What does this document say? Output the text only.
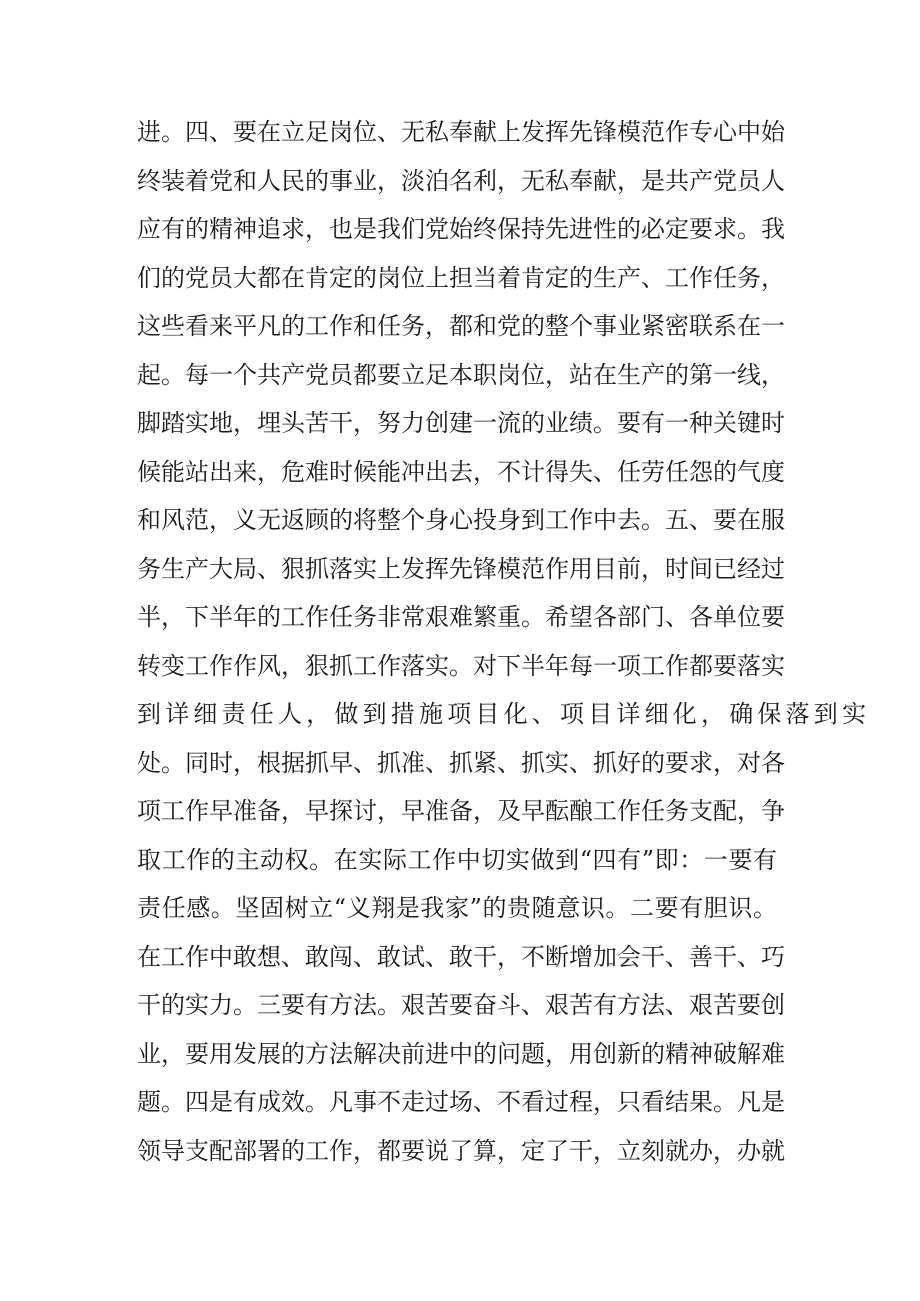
进。四、要在立足岗位、无私奉献上发挥先锋模范作专心中始
终装着党和人民的事业，淡泊名利，无私奉献，是共产党员人
应有的精神追求，也是我们党始终保持先进性的必定要求。我
们的党员大都在肯定的岗位上担当着肯定的生产、工作任务，
这些看来平凡的工作和任务，都和党的整个事业紧密联系在一
起。每一个共产党员都要立足本职岗位，站在生产的第一线，
脚踏实地，埋头苦干，努力创建一流的业绩。要有一种关键时
候能站出来，危难时候能冲出去，不计得失、任劳任怨的气度
和风范，义无返顾的将整个身心投身到工作中去。五、要在服
务生产大局、狠抓落实上发挥先锋模范作用目前，时间已经过
半，下半年的工作任务非常艰难繁重。希望各部门、各单位要
转变工作作风，狠抓工作落实。对下半年每一项工作都要落实
到详细责任人，做到措施项目化、项目详细化，确保落到实
处。同时，根据抓早、抓准、抓紧、抓实、抓好的要求，对各
项工作早准备，早探讨，早准备，及早酝酿工作任务支配，争
取工作的主动权。在实际工作中切实做到“四有”即：一要有
责任感。坚固树立“义翔是我家”的贵随意识。二要有胆识。
在工作中敢想、敢闯、敢试、敢干，不断增加会干、善干、巧
干的实力。三要有方法。艰苦要奋斗、艰苦有方法、艰苦要创
业，要用发展的方法解决前进中的问题，用创新的精神破解难
题。四是有成效。凡事不走过场、不看过程，只看结果。凡是
领导支配部署的工作，都要说了算，定了干，立刻就办，办就
